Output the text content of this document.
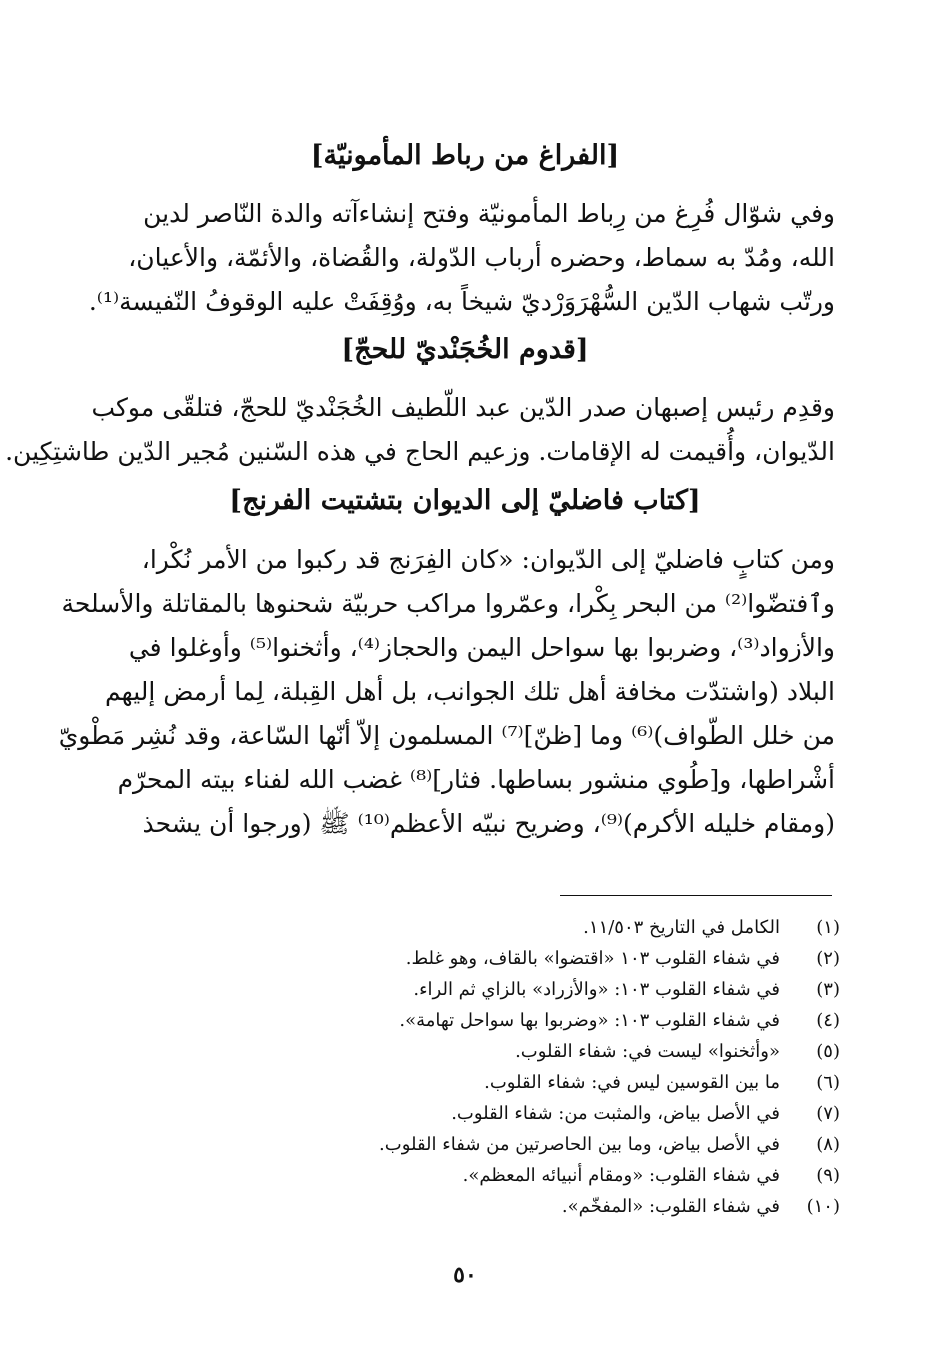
[الفراغ من رباط المأمونيّة]
وفي شوّال فُرِغ من رِباط المأمونيّة وفتح إنشاءآته والدة النّاصر لدين
الله، ومُدّ به سماط، وحضره أرباب الدّولة، والقُضاة، والأئمّة، والأعيان،
ورتّب شهاب الدّين السُّهْرَوَرْديّ شيخاً به، ووُقِفَتْ عليه الوقوفُ النّفيسة⁽¹⁾.
[قدوم الخُجَنْديّ للحجّ]
وقدِم رئيس إصبهان صدر الدّين عبد اللّطيف الخُجَنْديّ للحجّ، فتلقّى موكب
الدّيوان، وأُقيمت له الإقامات. وزعيم الحاج في هذه السّنين مُجير الدّين طاشتِكِين.
[كتاب فاضليّ إلى الديوان بتشتيت الفرنج]
ومن كتابٍ فاضليّ إلى الدّيوان: «كان الفِرَنج قد ركبوا من الأمر نُكْرا،
وٱفتضّوا⁽²⁾ من البحر بِكْرا، وعمّروا مراكب حربيّة شحنوها بالمقاتلة والأسلحة
والأزواد⁽³⁾، وضربوا بها سواحل اليمن والحجاز⁽⁴⁾، وأثخنوا⁽⁵⁾ وأوغلوا في
البلاد (واشتدّت مخافة أهل تلك الجوانب، بل أهل القِبلة، لِما أرمض إليهم
من خلل الطّواف)⁽⁶⁾ وما [ظنّ]⁽⁷⁾ المسلمون إلاّ أنّها السّاعة، وقد نُشِر مَطْويّ
أشْراطها، و[طُوي منشور بساطها. فثار]⁽⁸⁾ غضب الله لفناء بيته المحرّم
(ومقام خليله الأكرم)⁽⁹⁾، وضريح نبيّه الأعظم⁽¹⁰⁾ ﷺ (ورجوا أن يشحذ
(١)
الكامل في التاريخ ١١/٥٠٣.
(٢)
في شفاء القلوب ١٠٣ «اقتضوا» بالقاف، وهو غلط.
(٣)
في شفاء القلوب ١٠٣: «والأزراد» بالزاي ثم الراء.
(٤)
في شفاء القلوب ١٠٣: «وضربوا بها سواحل تهامة».
(٥)
«وأثخنوا» ليست في: شفاء القلوب.
(٦)
ما بين القوسين ليس في: شفاء القلوب.
(٧)
في الأصل بياض، والمثبت من: شفاء القلوب.
(٨)
في الأصل بياض، وما بين الحاصرتين من شفاء القلوب.
(٩)
في شفاء القلوب: «ومقام أنبيائه المعظم».
(١٠)
في شفاء القلوب: «المفخّم».
٥٠
